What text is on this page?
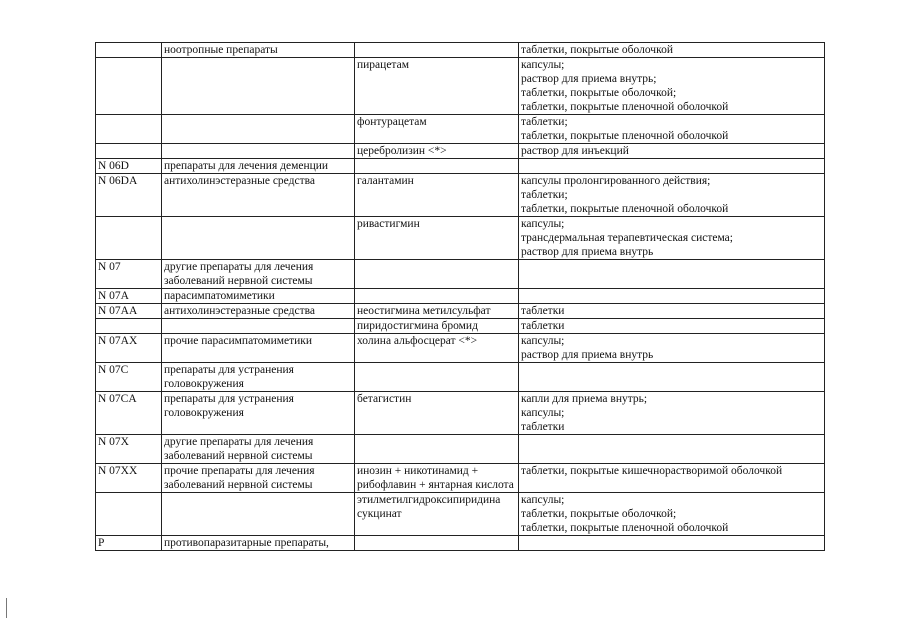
	ноотропные препараты		таблетки, покрытые оболочкой

		пирацетам	капсулы;
раствор для приема внутрь;
таблетки, покрытые оболочкой;
таблетки, покрытые пленочной оболочкой

		фонтурацетам	таблетки;
таблетки, покрытые пленочной оболочкой

		церебролизин <*>	раствор для инъекций

N 06D	препараты для лечения деменции		
N 06DA	антихолинэстеразные средства	галантамин	капсулы пролонгированного действия;
таблетки;
таблетки, покрытые пленочной оболочкой

		ривастигмин	капсулы;
трансдермальная терапевтическая система;
раствор для приема внутрь

N 07	другие препараты для лечения заболеваний нервной системы		
N 07A	парасимпатомиметики		
N 07AA	антихолинэстеразные средства	неостигмина метилсульфат	таблетки

		пиридостигмина бромид	таблетки

N 07AX	прочие парасимпатомиметики	холина альфосцерат <*>	капсулы;
раствор для приема внутрь

N 07C	препараты для устранения головокружения		
N 07CA	препараты для устранения головокружения	бетагистин	капли для приема внутрь;
капсулы;
таблетки

N 07X	другие препараты для лечения заболеваний нервной системы		
N 07XX	прочие препараты для лечения заболеваний нервной системы	инозин + никотинамид + рибофлавин + янтарная кислота	таблетки, покрытые кишечнорастворимой оболочкой

		этилметилгидроксипиридина сукцинат	капсулы;
таблетки, покрытые оболочкой;
таблетки, покрытые пленочной оболочкой

P	противопаразитарные препараты,		
